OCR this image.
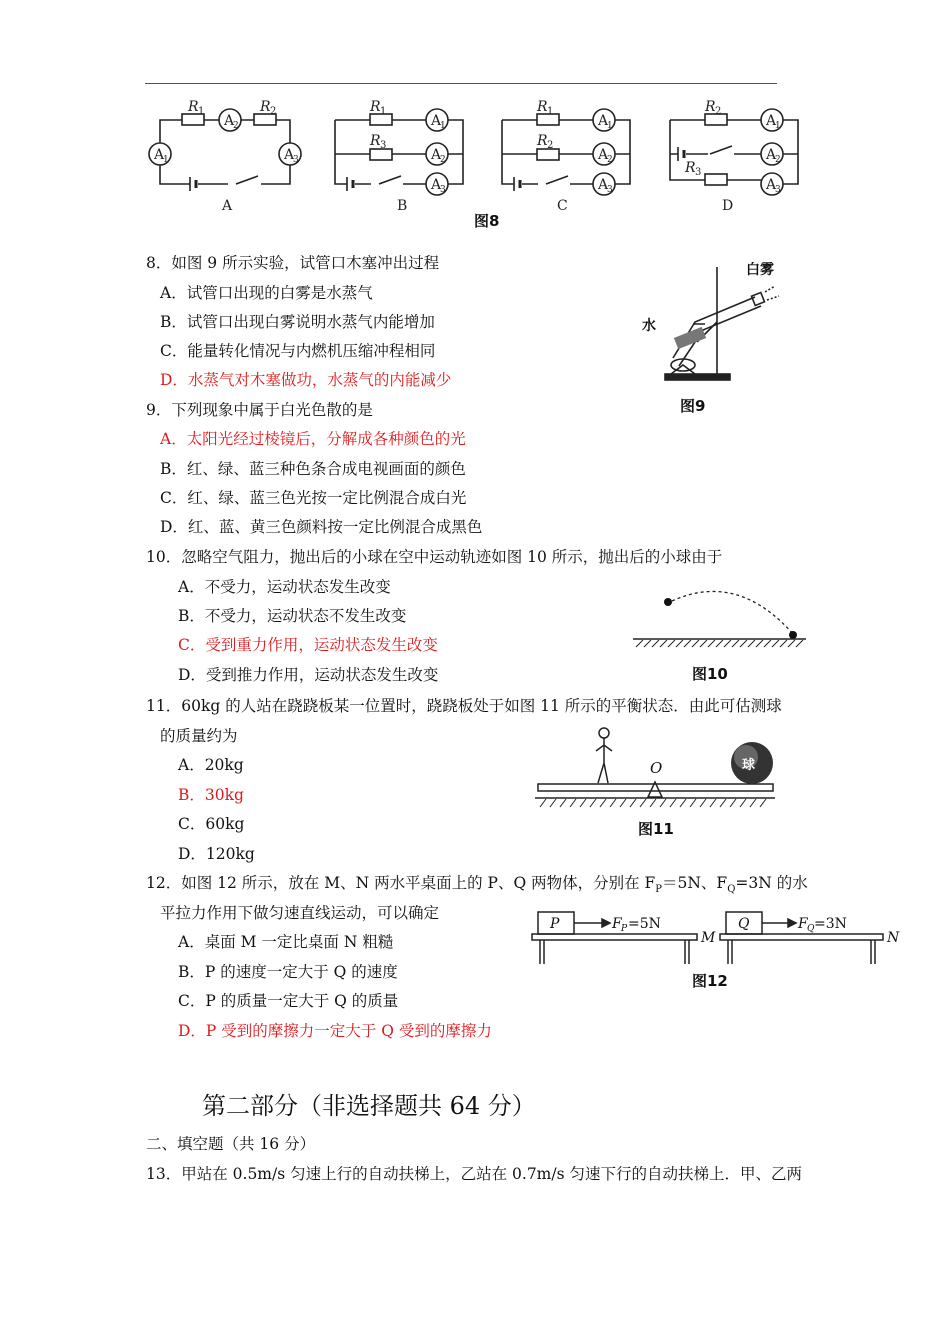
R 1	R 2
A
1
A
2
A
3
A
R 1
R 3
A
1
A
2
A
3
B
R 1
R 2
A
1
A
2
A
3
C
R 2
R 3
A
1
A
2
A
3
D
图8
8．如图 9 所示实验，试管口木塞冲出过程
A．试管口出现的白雾是水蒸气
B．试管口出现白雾说明水蒸气内能增加
C．能量转化情况与内燃机压缩冲程相同
D．水蒸气对木塞做功，水蒸气的内能减少
白雾
水
图9
9．下列现象中属于白光色散的是
A．太阳光经过棱镜后，分解成各种颜色的光
B．红、绿、蓝三种色条合成电视画面的颜色
C．红、绿、蓝三色光按一定比例混合成白光
D．红、蓝、黄三色颜料按一定比例混合成黑色
10．忽略空气阻力，抛出后的小球在空中运动轨迹如图 10 所示，抛出后的小球由于
A．不受力，运动状态发生改变
B．不受力，运动状态不发生改变
C．受到重力作用，运动状态发生改变
D．受到推力作用，运动状态发生改变	图10
11．60kg 的人站在跷跷板某一位置时，跷跷板处于如图 11 所示的平衡状态．由此可估测球
的质量约为
A．20kg
B．30kg
C．60kg
D．120kg
球
O
图11
12．如图 12 所示，放在 M、N 两水平桌面上的 P、Q 两物体，分别在 $F_P=5N$、$F_Q=3N$ 的水
平拉力作用下做匀速直线运动，可以确定
A．桌面 M 一定比桌面 N 粗糙
B．P 的速度一定大于 Q 的速度
C．P 的质量一定大于 Q 的质量
D．P 受到的摩擦力一定大于 Q 受到的摩擦力
P	Q
F P =5N	F Q =3N
M	N
图12
第二部分（非选择题共 64 分）
二、填空题（共 16 分）
13．甲站在 0.5m/s 匀速上行的自动扶梯上，乙站在 0.7m/s 匀速下行的自动扶梯上．甲、乙两
